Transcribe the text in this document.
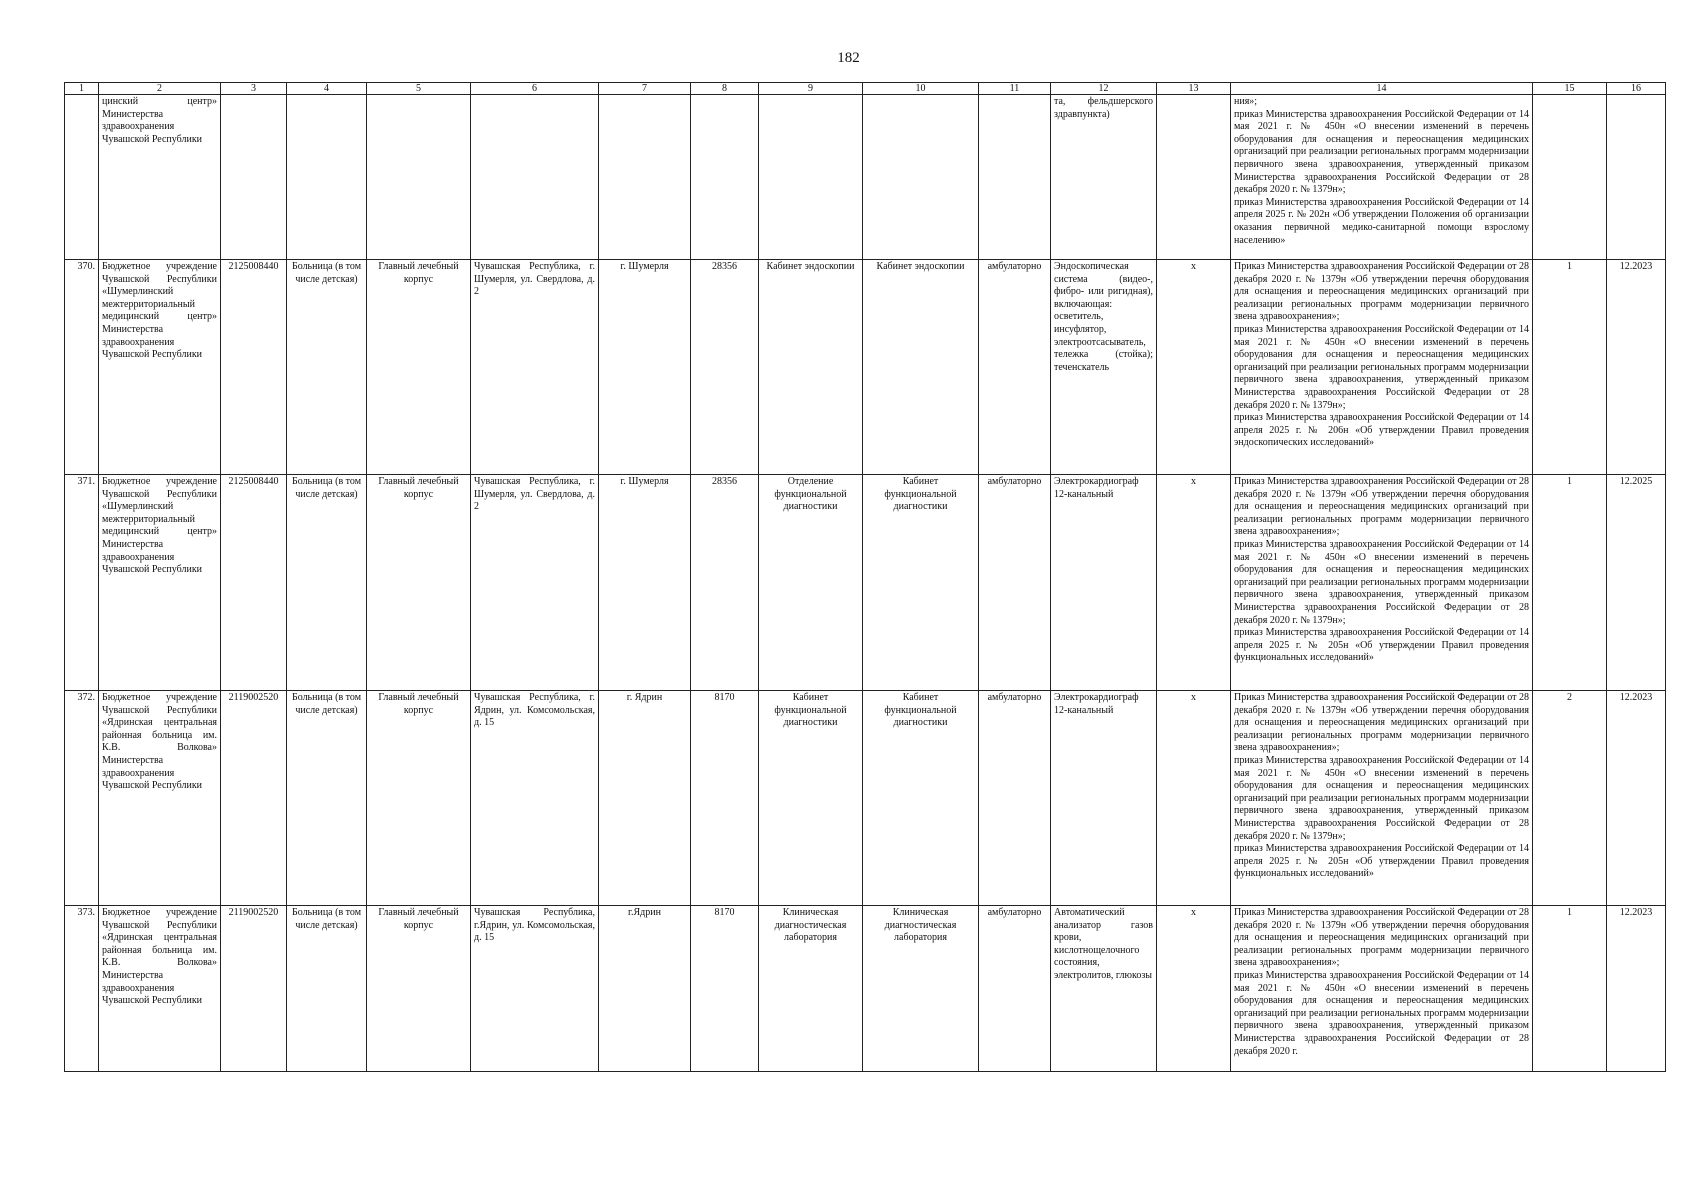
182
1	2	3	4	5	6	7	8	9	10	11	12	13	14	15	16
	цинский центр» Министерства здравоохранения Чувашской Республики										та, фельдшерского здравпункта)		ния»;
приказ Министерства здравоохранения Российской Федерации от 14 мая 2021 г. № 450н «О внесении изменений в перечень оборудования для оснащения и переоснащения медицинских организаций при реализации региональных программ модернизации первичного звена здравоохранения, утвержденный приказом Министерства здравоохранения Российской Федерации от 28 декабря 2020 г. № 1379н»;
приказ Министерства здравоохранения Российской Федерации от 14 апреля 2025 г. № 202н «Об утверждении Положения об организации оказания первичной медико-санитарной помощи взрослому населению»		
370.	Бюджетное учреждение Чувашской Республики «Шумерлинский межтерриториальный медицинский центр» Министерства здравоохранения Чувашской Республики	2125008440	Больница (в том числе детская)	Главный лечебный корпус	Чувашская Республика, г. Шумерля, ул. Свердлова, д. 2	г. Шумерля	28356	Кабинет эндоскопии	Кабинет эндоскопии	амбулаторно	Эндоскопическая система (видео-, фибро- или ригидная), включающая: осветитель, инсуфлятор, электроотсасыватель, тележка (стойка); теченскатель	х	Приказ Министерства здравоохранения Российской Федерации от 28 декабря 2020 г. № 1379н «Об утверждении перечня оборудования для оснащения и переоснащения медицинских организаций при реализации региональных программ модернизации первичного звена здравоохранения»;
приказ Министерства здравоохранения Российской Федерации от 14 мая 2021 г. № 450н «О внесении изменений в перечень оборудования для оснащения и переоснащения медицинских организаций при реализации региональных программ модернизации первичного звена здравоохранения, утвержденный приказом Министерства здравоохранения Российской Федерации от 28 декабря 2020 г. № 1379н»;
приказ Министерства здравоохранения Российской Федерации от 14 апреля 2025 г. № 206н «Об утверждении Правил проведения эндоскопических исследований»	1	12.2023
371.	Бюджетное учреждение Чувашской Республики «Шумерлинский межтерриториальный медицинский центр» Министерства здравоохранения Чувашской Республики	2125008440	Больница (в том числе детская)	Главный лечебный корпус	Чувашская Республика, г. Шумерля, ул. Свердлова, д. 2	г. Шумерля	28356	Отделение функциональной диагностики	Кабинет функциональной диагностики	амбулаторно	Электрокардиограф 12-канальный	х	Приказ Министерства здравоохранения Российской Федерации от 28 декабря 2020 г. № 1379н «Об утверждении перечня оборудования для оснащения и переоснащения медицинских организаций при реализации региональных программ модернизации первичного звена здравоохранения»;
приказ Министерства здравоохранения Российской Федерации от 14 мая 2021 г. № 450н «О внесении изменений в перечень оборудования для оснащения и переоснащения медицинских организаций при реализации региональных программ модернизации первичного звена здравоохранения, утвержденный приказом Министерства здравоохранения Российской Федерации от 28 декабря 2020 г. № 1379н»;
приказ Министерства здравоохранения Российской Федерации от 14 апреля 2025 г. № 205н «Об утверждении Правил проведения функциональных исследований»	1	12.2025
372.	Бюджетное учреждение Чувашской Республики «Ядринская центральная районная больница им. К.В. Волкова» Министерства здравоохранения Чувашской Республики	2119002520	Больница (в том числе детская)	Главный лечебный корпус	Чувашская Республика, г. Ядрин, ул. Комсомольская, д. 15	г. Ядрин	8170	Кабинет функциональной диагностики	Кабинет функциональной диагностики	амбулаторно	Электрокардиограф 12-канальный	х	Приказ Министерства здравоохранения Российской Федерации от 28 декабря 2020 г. № 1379н «Об утверждении перечня оборудования для оснащения и переоснащения медицинских организаций при реализации региональных программ модернизации первичного звена здравоохранения»;
приказ Министерства здравоохранения Российской Федерации от 14 мая 2021 г. № 450н «О внесении изменений в перечень оборудования для оснащения и переоснащения медицинских организаций при реализации региональных программ модернизации первичного звена здравоохранения, утвержденный приказом Министерства здравоохранения Российской Федерации от 28 декабря 2020 г. № 1379н»;
приказ Министерства здравоохранения Российской Федерации от 14 апреля 2025 г. № 205н «Об утверждении Правил проведения функциональных исследований»	2	12.2023
373.	Бюджетное учреждение Чувашской Республики «Ядринская центральная районная больница им. К.В. Волкова» Министерства здравоохранения Чувашской Республики	2119002520	Больница (в том числе детская)	Главный лечебный корпус	Чувашская Республика, г.Ядрин, ул. Комсомольская, д. 15	г.Ядрин	8170	Клиническая диагностическая лаборатория	Клиническая диагностическая лаборатория	амбулаторно	Автоматический анализатор газов крови, кислотнощелочного состояния, электролитов, глюкозы	х	Приказ Министерства здравоохранения Российской Федерации от 28 декабря 2020 г. № 1379н «Об утверждении перечня оборудования для оснащения и переоснащения медицинских организаций при реализации региональных программ модернизации первичного звена здравоохранения»;
приказ Министерства здравоохранения Российской Федерации от 14 мая 2021 г. № 450н «О внесении изменений в перечень оборудования для оснащения и переоснащения медицинских организаций при реализации региональных программ модернизации первичного звена здравоохранения, утвержденный приказом Министерства здравоохранения Российской Федерации от 28 декабря 2020 г.	1	12.2023
